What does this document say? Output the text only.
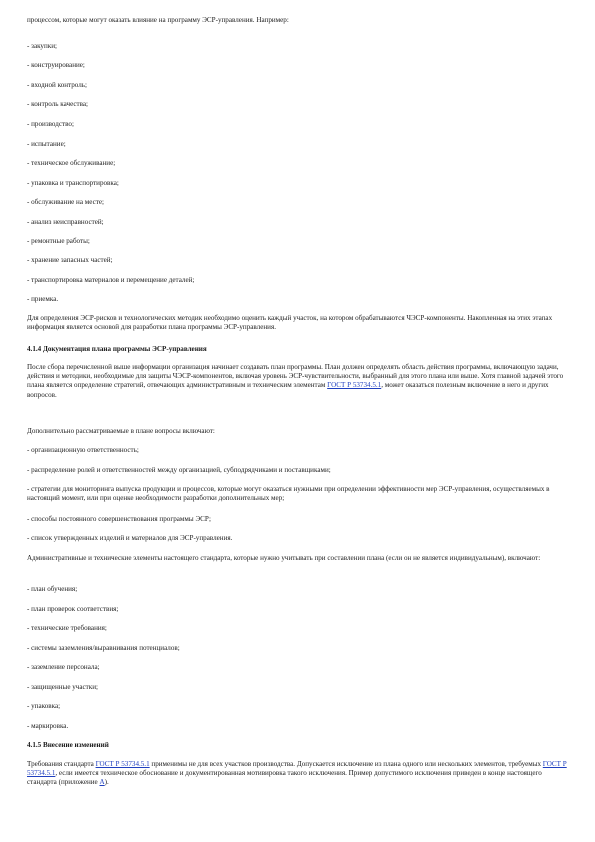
процессом, которые могут оказать влияние на программу ЭСР-управления. Например:

- закупки;

- конструирование;

- входной контроль;

- контроль качества;

- производство;

- испытание;

- техническое обслуживание;

- упаковка и транспортировка;

- обслуживание на месте;

- анализ неисправностей;

- ремонтные работы;

- хранение запасных частей;

- транспортировка материалов и перемещение деталей;

- приемка.

Для определения ЭСР-рисков и технологических методик необходимо оценить каждый участок, на котором обрабатываются ЧЭСР-компоненты. Накопленная на этих этапах информация является основой для разработки плана программы ЭСР-управления.

4.1.4 Документация плана программы ЭСР-управления

После сбора перечисленной выше информации организация начинает создавать план программы. План должен определять область действия программы, включающую задачи, действия и методики, необходимые для защиты ЧЭСР-компонентов, включая уровень ЭСР-чувствительности, выбранный для этого плана или выше. Хотя главной задачей этого плана является определение стратегий, отвечающих административным и техническим элементам ГОСТ Р 53734.5.1, может оказаться полезным включение в него и других вопросов.

Дополнительно рассматриваемые в плане вопросы включают:

- организационную ответственность;

- распределение ролей и ответственностей между организацией, субподрядчиками и поставщиками;

- стратегии для мониторинга выпуска продукции и процессов, которые могут оказаться нужными при определении эффективности мер ЭСР-управления, осуществляемых в настоящий момент, или при оценке необходимости разработки дополнительных мер;

- способы постоянного совершенствования программы ЭСР;

- список утвержденных изделий и материалов для ЭСР-управления.

Административные и технические элементы настоящего стандарта, которые нужно учитывать при составлении плана (если он не является индивидуальным), включают:

- план обучения;

- план проверок соответствия;

- технические требования;

- системы заземления/выравнивания потенциалов;

- заземление персонала;

- защищенные участки;

- упаковка;

- маркировка.

4.1.5 Внесение изменений

Требования стандарта ГОСТ Р 53734.5.1 применимы не для всех участков производства. Допускается исключение из плана одного или нескольких элементов, требуемых ГОСТ Р 53734.5.1, если имеется техническое обоснование и документированная мотивировка такого исключения. Пример допустимого исключения приведен в конце настоящего стандарта (приложение А).
